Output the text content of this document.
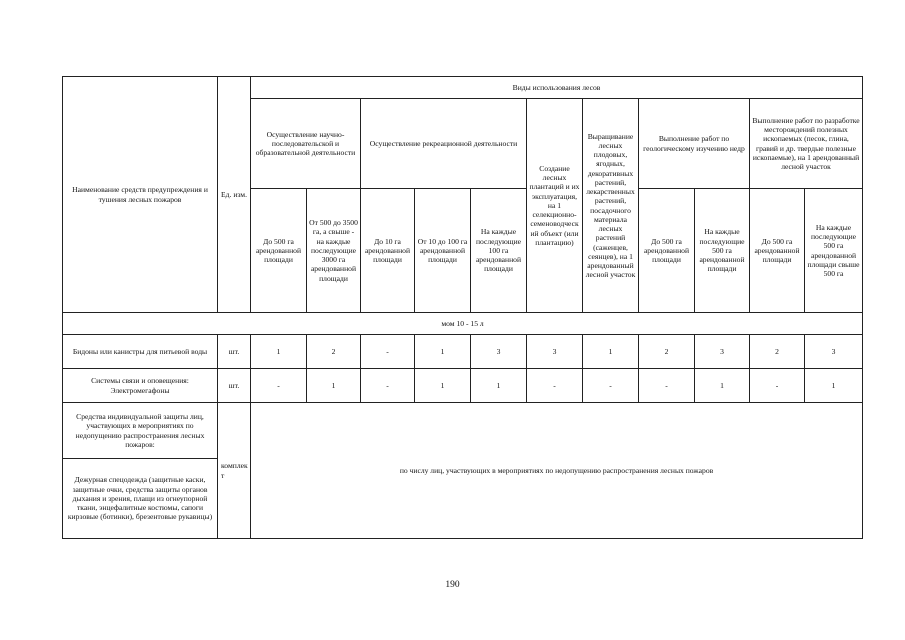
Наименование средств предупреждения и тушения лесных пожаров	Ед. изм.	Виды использования лесов										
		Осуществление научно-последовательской и образовательной деятельности		Осуществление рекреационной деятельности			Создание лесных плантаций и их эксплуатация, на 1 селекционно-семеноводческий объект (или плантацию)	Выращивание лесных плодовых, ягодных, декоративных растений, лекарственных растений, посадочного материала лесных растений (саженцев, сеянцев), на 1 арендованный лесной участок	Выполнение работ по геологическому изучению недр		Выполнение работ по разработке месторождений полезных ископаемых (песок, глина, гравий и др. твердые полезные ископаемые), на 1 арендованный лесной участок	
		До 500 га арендованной площади	От 500 до 3500 га, а свыше - на каждые последующие 3000 га арендованной площади	До 10 га арендованной площади	От 10 до 100 га арендованной площади	На каждые последующие 100 га арендованной площади			До 500 га арендованной площади	На каждые последующие 500 га арендованной площади	До 500 га арендованной площади	На каждые последующие 500 га арендованной площади свыше 500 га
мом 10 - 15 л												
Бидоны или канистры для питьевой воды	шт.	1	2	-	1	3	3	1	2	3	2	3
Системы связи и оповещения: Электромегафоны	шт.	-	1	-	1	1	-	-	-	1	-	1
Средства индивидуальной защиты лиц, участвующих в мероприятиях по недопущению распространения лесных пожаров:	комплект	по числу лиц, участвующих в мероприятиях по недопущению распространения лесных пожаров										
Дежурная спецодежда (защитные каски, защитные очки, средства защиты органов дыхания и зрения, плащи из огнеупорной ткани, энцефалитные костюмы, сапоги кирзовые (ботинки), брезентовые рукавицы)												
190
